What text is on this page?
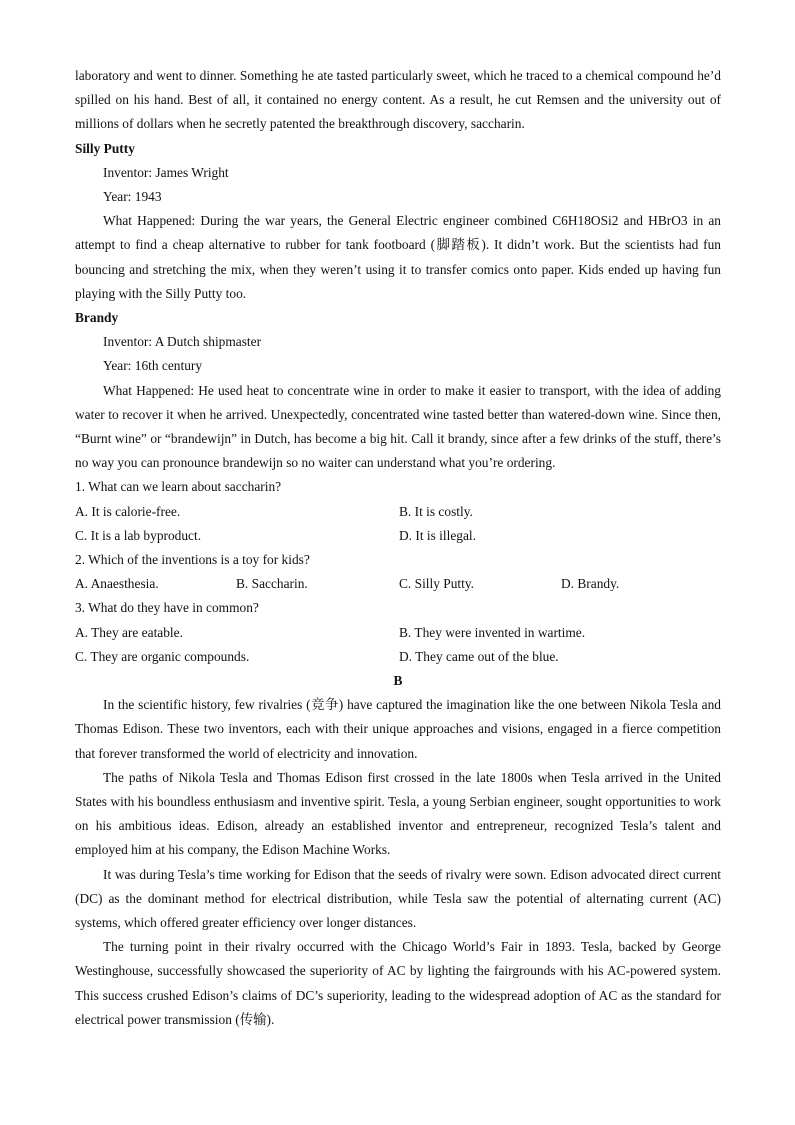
laboratory and went to dinner. Something he ate tasted particularly sweet, which he traced to a chemical compound he’d spilled on his hand. Best of all, it contained no energy content. As a result, he cut Remsen and the university out of millions of dollars when he secretly patented the breakthrough discovery, saccharin.

Silly Putty

Inventor: James Wright

Year: 1943

What Happened: During the war years, the General Electric engineer combined C6H18OSi2 and HBrO3 in an attempt to find a cheap alternative to rubber for tank footboard (脚踏板). It didn’t work. But the scientists had fun bouncing and stretching the mix, when they weren’t using it to transfer comics onto paper. Kids ended up having fun playing with the Silly Putty too.

Brandy

Inventor: A Dutch shipmaster

Year: 16th century

What Happened: He used heat to concentrate wine in order to make it easier to transport, with the idea of adding water to recover it when he arrived. Unexpectedly, concentrated wine tasted better than watered-down wine. Since then, “Burnt wine” or “brandewijn” in Dutch, has become a big hit. Call it brandy, since after a few drinks of the stuff, there’s no way you can pronounce brandewijn so no waiter can understand what you’re ordering.

1. What can we learn about saccharin?

A. It is calorie-free.	B. It is costly.
C. It is a lab byproduct.	D. It is illegal.

2. Which of the inventions is a toy for kids?

A. Anaesthesia.	B. Saccharin.	C. Silly Putty.	D. Brandy.

3. What do they have in common?

A. They are eatable.	B. They were invented in wartime.
C. They are organic compounds.	D. They came out of the blue.

B

In the scientific history, few rivalries (竞争) have captured the imagination like the one between Nikola Tesla and Thomas Edison. These two inventors, each with their unique approaches and visions, engaged in a fierce competition that forever transformed the world of electricity and innovation.

The paths of Nikola Tesla and Thomas Edison first crossed in the late 1800s when Tesla arrived in the United States with his boundless enthusiasm and inventive spirit. Tesla, a young Serbian engineer, sought opportunities to work on his ambitious ideas. Edison, already an established inventor and entrepreneur, recognized Tesla’s talent and employed him at his company, the Edison Machine Works.

It was during Tesla’s time working for Edison that the seeds of rivalry were sown. Edison advocated direct current (DC) as the dominant method for electrical distribution, while Tesla saw the potential of alternating current (AC) systems, which offered greater efficiency over longer distances.

The turning point in their rivalry occurred with the Chicago World’s Fair in 1893. Tesla, backed by George Westinghouse, successfully showcased the superiority of AC by lighting the fairgrounds with his AC-powered system. This success crushed Edison’s claims of DC’s superiority, leading to the widespread adoption of AC as the standard for electrical power transmission (传输).
